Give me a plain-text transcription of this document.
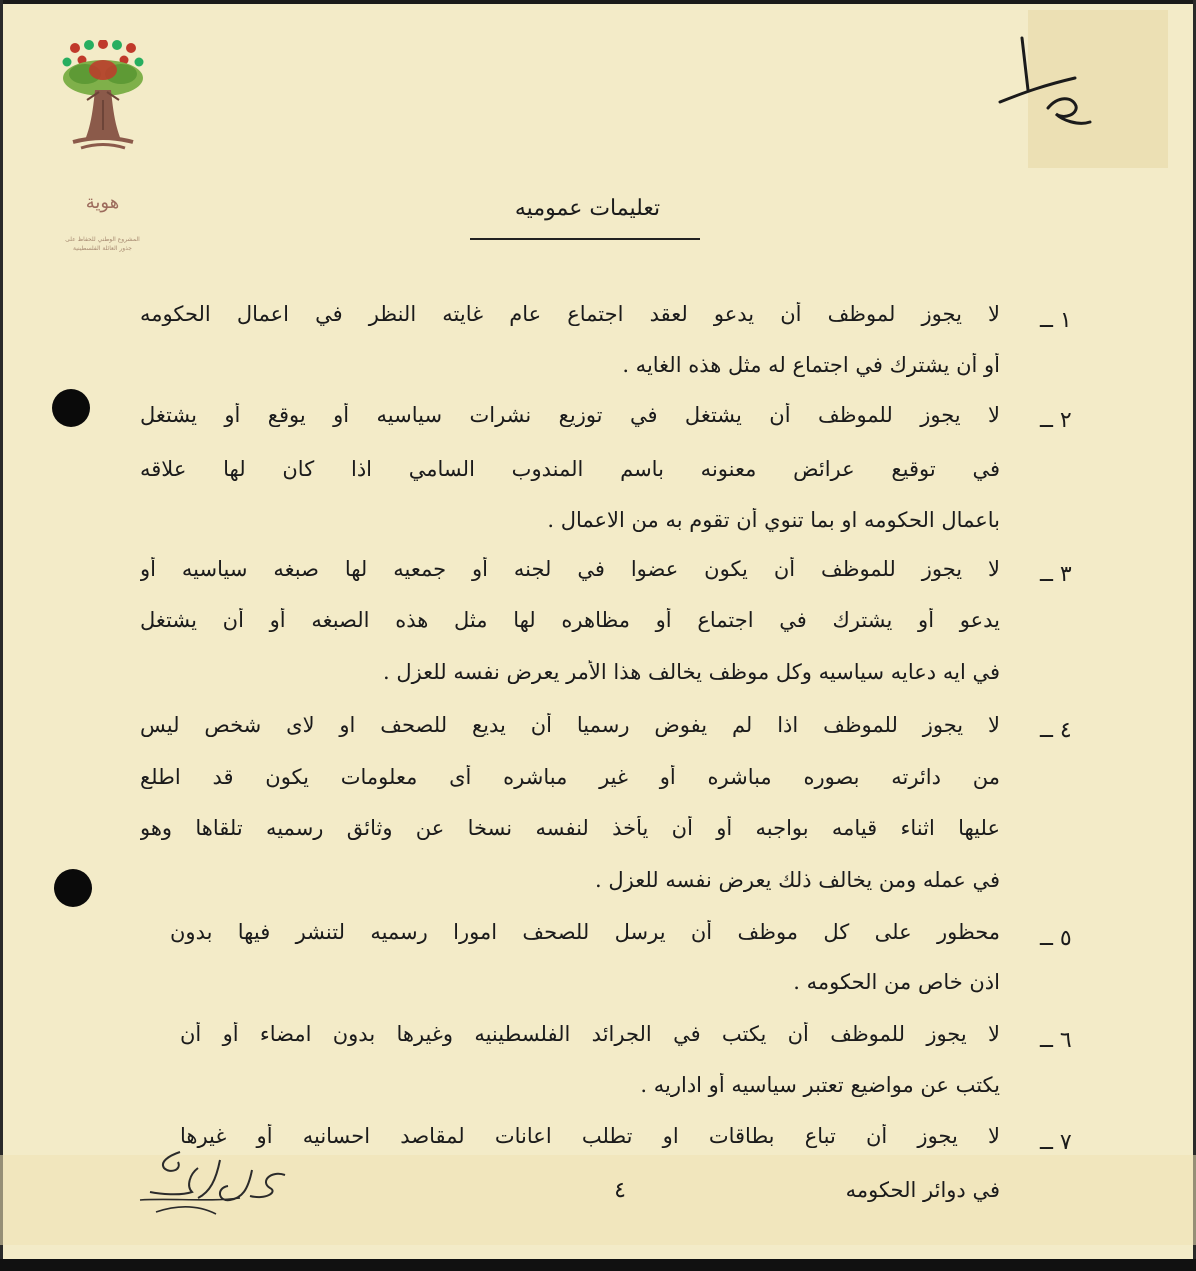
هوية
المشروع الوطني للحفاظ على
جذور العائلة الفلسطينية
تعليمات عموميه
١ ــ
لا يجوز لموظف أن يدعو لعقد اجتماع عام غايته النظر في اعمال الحكومه
أو أن يشترك في اجتماع له مثل هذه الغايه .
٢ ــ
لا يجوز للموظف أن يشتغل في توزيع نشرات سياسيه أو يوقع أو يشتغل
في توقيع عرائض معنونه باسم المندوب السامي اذا كان لها علاقه
باعمال الحكومه او بما تنوي أن تقوم به من الاعمال .
٣ ــ
لا يجوز للموظف أن يكون عضوا في لجنه أو جمعيه لها صبغه سياسيه أو
يدعو أو يشترك في اجتماع أو مظاهره لها مثل هذه الصبغه أو أن يشتغل
في ايه دعايه سياسيه وكل موظف يخالف هذا الأمر يعرض نفسه للعزل .
٤ ــ
لا يجوز للموظف اذا لم يفوض رسميا أن يديع للصحف او لاى شخص ليس
من دائرته بصوره مباشره أو غير مباشره أى معلومات يكون قد اطلع
عليها اثناء قيامه بواجبه أو أن يأخذ لنفسه نسخا عن وثائق رسميه تلقاها وهو
في عمله ومن يخالف ذلك يعرض نفسه للعزل .
٥ ــ
محظور على كل موظف أن يرسل للصحف امورا رسميه لتنشر فيها بدون
اذن خاص من الحكومه .
٦ ــ
لا يجوز للموظف أن يكتب في الجرائد الفلسطينيه وغيرها بدون امضاء أو أن
يكتب عن مواضيع تعتبر سياسيه أو اداريه .
٧ ــ
لا يجوز أن تباع بطاقات او تطلب اعانات لمقاصد احسانيه أو غيرها
في دوائر الحكومه
٤
